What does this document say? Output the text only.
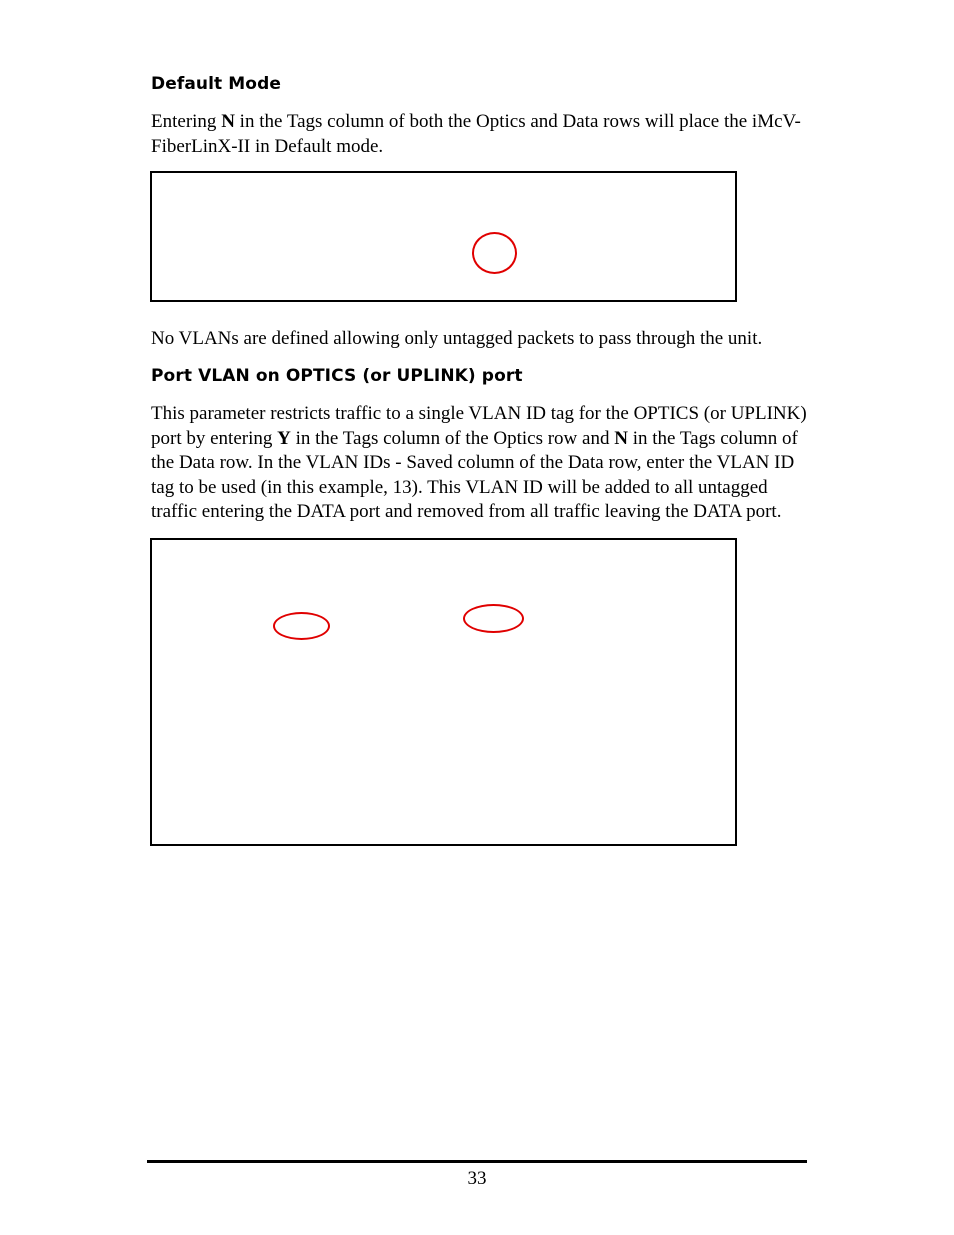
Default Mode

Entering N in the Tags column of both the Optics and Data rows will place the iMcV-FiberLinX-II in Default mode.

No VLANs are defined allowing only untagged packets to pass through the unit.

Port VLAN on OPTICS (or UPLINK) port

This parameter restricts traffic to a single VLAN ID tag for the OPTICS (or UPLINK) port by entering Y in the Tags column of the Optics row and N in the Tags column of the Data row. In the VLAN IDs - Saved column of the Data row, enter the VLAN ID tag to be used (in this example, 13). This VLAN ID will be added to all untagged traffic entering the DATA port and removed from all traffic leaving the DATA port.

33
